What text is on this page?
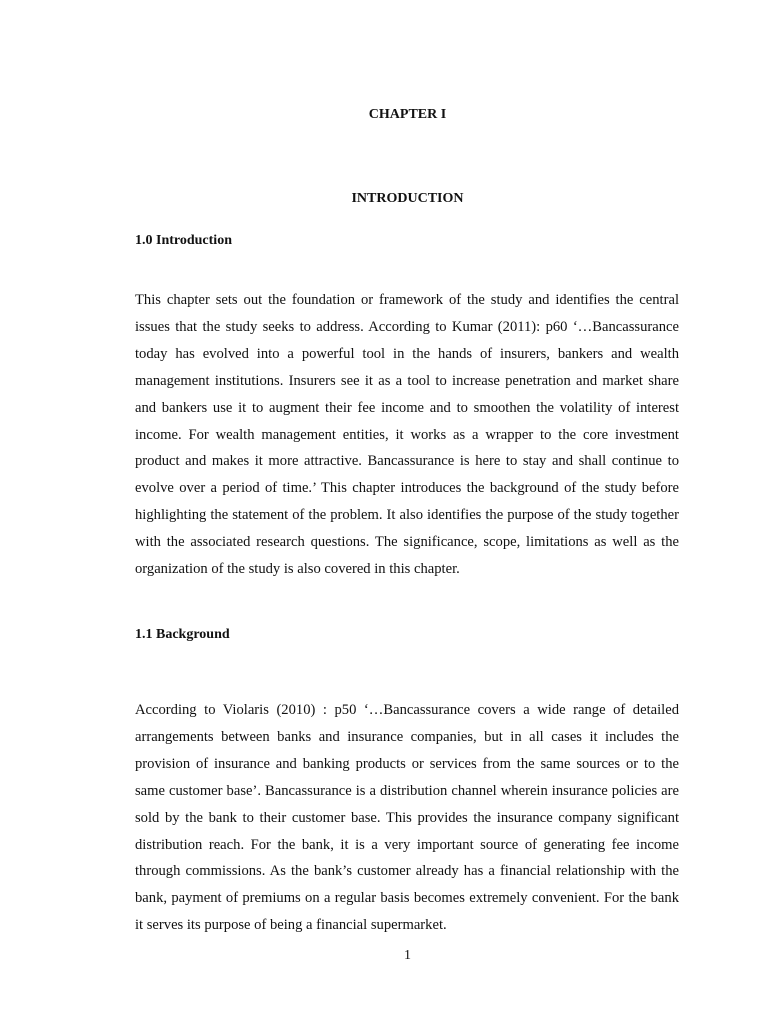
CHAPTER I
INTRODUCTION
1.0 Introduction

This chapter sets out the foundation or framework of the study and identifies the central issues that the study seeks to address. According to Kumar (2011): p60 ‘…Bancassurance today has evolved into a powerful tool in the hands of insurers, bankers and wealth management institutions. Insurers see it as a tool to increase penetration and market share and bankers use it to augment their fee income and to smoothen the volatility of interest income. For wealth management entities, it works as a wrapper to the core investment product and makes it more attractive. Bancassurance is here to stay and shall continue to evolve over a period of time.’ This chapter introduces the background of the study before highlighting the statement of the problem. It also identifies the purpose of the study together with the associated research questions. The significance, scope, limitations as well as the organization of the study is also covered in this chapter.

1.1 Background

According to Violaris (2010) : p50 ‘…Bancassurance covers a wide range of detailed arrangements between banks and insurance companies, but in all cases it includes the provision of insurance and banking products or services from the same sources or to the same customer base’. Bancassurance is a distribution channel wherein insurance policies are sold by the bank to their customer base. This provides the insurance company significant distribution reach. For the bank, it is a very important source of generating fee income through commissions. As the bank’s customer already has a financial relationship with the bank, payment of premiums on a regular basis becomes extremely convenient. For the bank it serves its purpose of being a financial supermarket.

1
